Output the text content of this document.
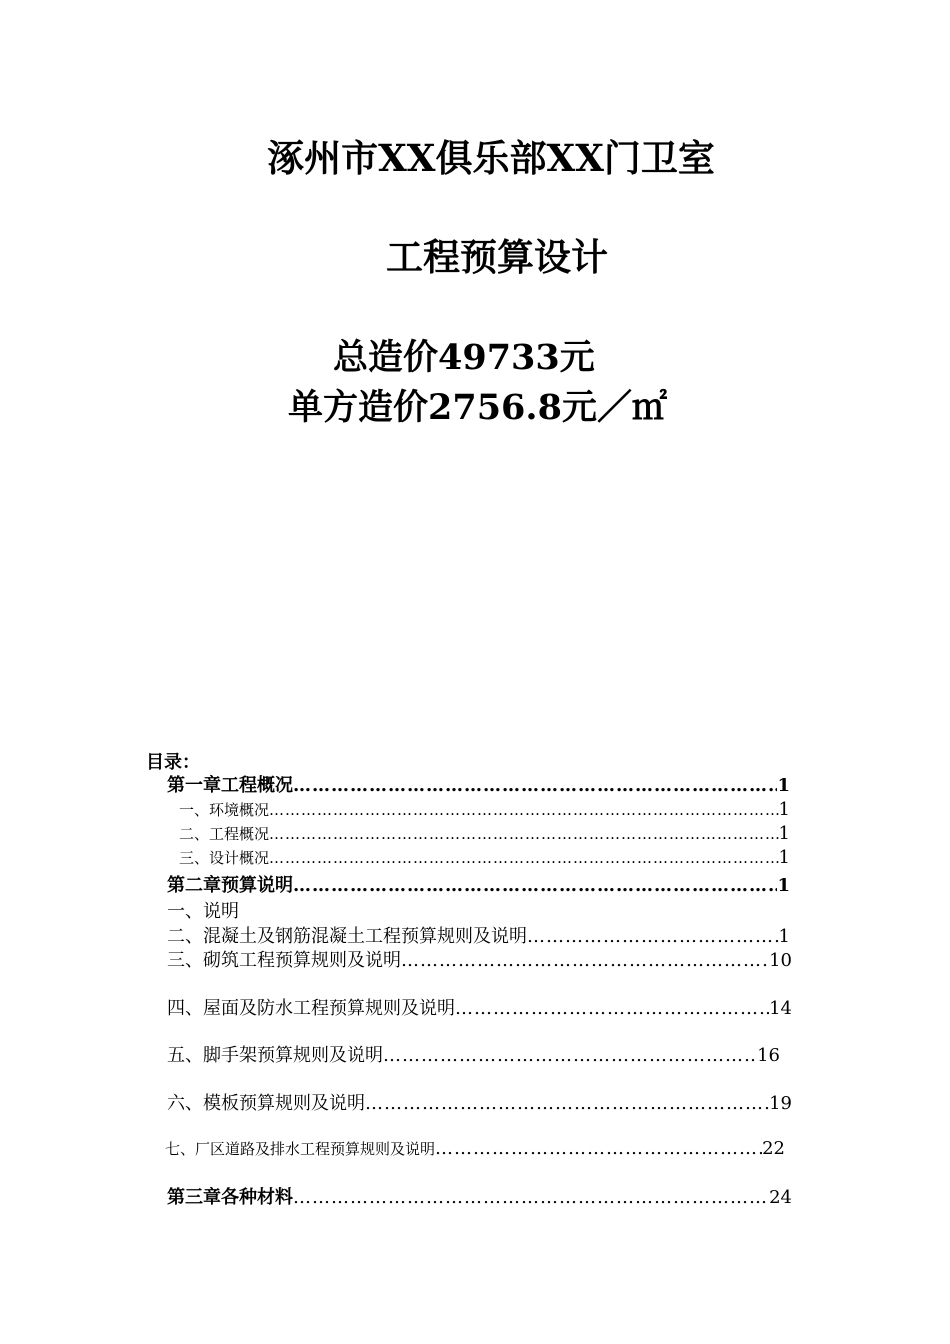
涿州市XX俱乐部XX门卫室
工程预算设计
总造价49733元
单方造价2756.8元／㎡
目录：
第一章工程概况 ……………………………………………………………………………………………………………………………………………	1
一、环境概况 ……………………………………………………………………………………………………………………………………………	1
二、工程概况 ……………………………………………………………………………………………………………………………………………	1
三、设计概况 ……………………………………………………………………………………………………………………………………………	1
第二章预算说明 ……………………………………………………………………………………………………………………………………………	1
一、说明
二、混凝土及钢筋混凝土工程预算规则及说明 ……………………………………………………………………………………………………………………………………………	1
三、砌筑工程预算规则及说明 ……………………………………………………………………………………………………………………………………………	10
四、屋面及防水工程预算规则及说明 ……………………………………………………………………………………………………………………………………………	14
五、脚手架预算规则及说明 ……………………………………………………………………………………………………………………………………………	16
六、模板预算规则及说明 ……………………………………………………………………………………………………………………………………………	19
七、厂区道路及排水工程预算规则及说明 ……………………………………………………………………………………………………………………………………………	22
第三章各种材料 ……………………………………………………………………………………………………………………………………………	24
